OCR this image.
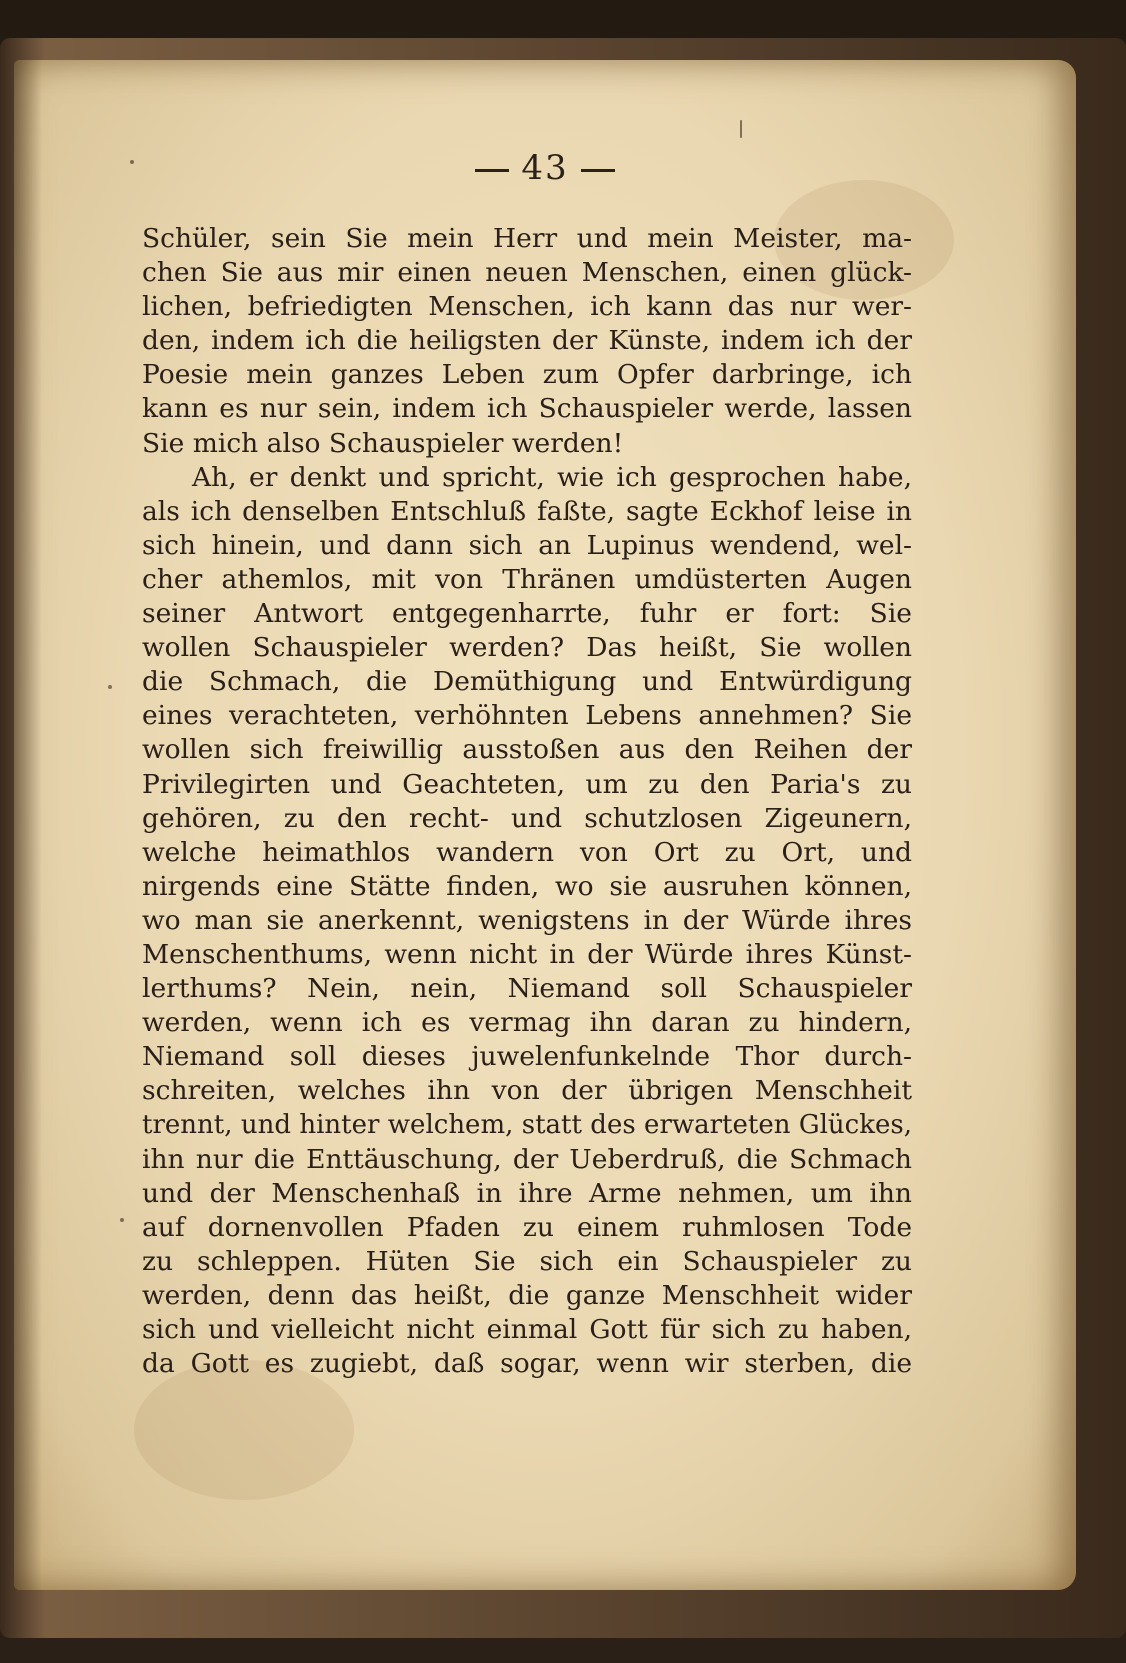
43
Schüler, sein Sie mein Herr und mein Meister, ma-
chen Sie aus mir einen neuen Menschen, einen glück-
lichen, befriedigten Menschen, ich kann das nur wer-
den, indem ich die heiligsten der Künste, indem ich der
Poesie mein ganzes Leben zum Opfer darbringe, ich
kann es nur sein, indem ich Schauspieler werde, lassen
Sie mich also Schauspieler werden!
Ah, er denkt und spricht, wie ich gesprochen habe,
als ich denselben Entschluß faßte, sagte Eckhof leise in
sich hinein, und dann sich an Lupinus wendend, wel-
cher athemlos, mit von Thränen umdüsterten Augen
seiner Antwort entgegenharrte, fuhr er fort: Sie
wollen Schauspieler werden? Das heißt, Sie wollen
die Schmach, die Demüthigung und Entwürdigung
eines verachteten, verhöhnten Lebens annehmen? Sie
wollen sich freiwillig ausstoßen aus den Reihen der
Privilegirten und Geachteten, um zu den Paria's zu
gehören, zu den recht- und schutzlosen Zigeunern,
welche heimathlos wandern von Ort zu Ort, und
nirgends eine Stätte finden, wo sie ausruhen können,
wo man sie anerkennt, wenigstens in der Würde ihres
Menschenthums, wenn nicht in der Würde ihres Künst-
lerthums? Nein, nein, Niemand soll Schauspieler
werden, wenn ich es vermag ihn daran zu hindern,
Niemand soll dieses juwelenfunkelnde Thor durch-
schreiten, welches ihn von der übrigen Menschheit
trennt, und hinter welchem, statt des erwarteten Glückes,
ihn nur die Enttäuschung, der Ueberdruß, die Schmach
und der Menschenhaß in ihre Arme nehmen, um ihn
auf dornenvollen Pfaden zu einem ruhmlosen Tode
zu schleppen. Hüten Sie sich ein Schauspieler zu
werden, denn das heißt, die ganze Menschheit wider
sich und vielleicht nicht einmal Gott für sich zu haben,
da Gott es zugiebt, daß sogar, wenn wir sterben, die
